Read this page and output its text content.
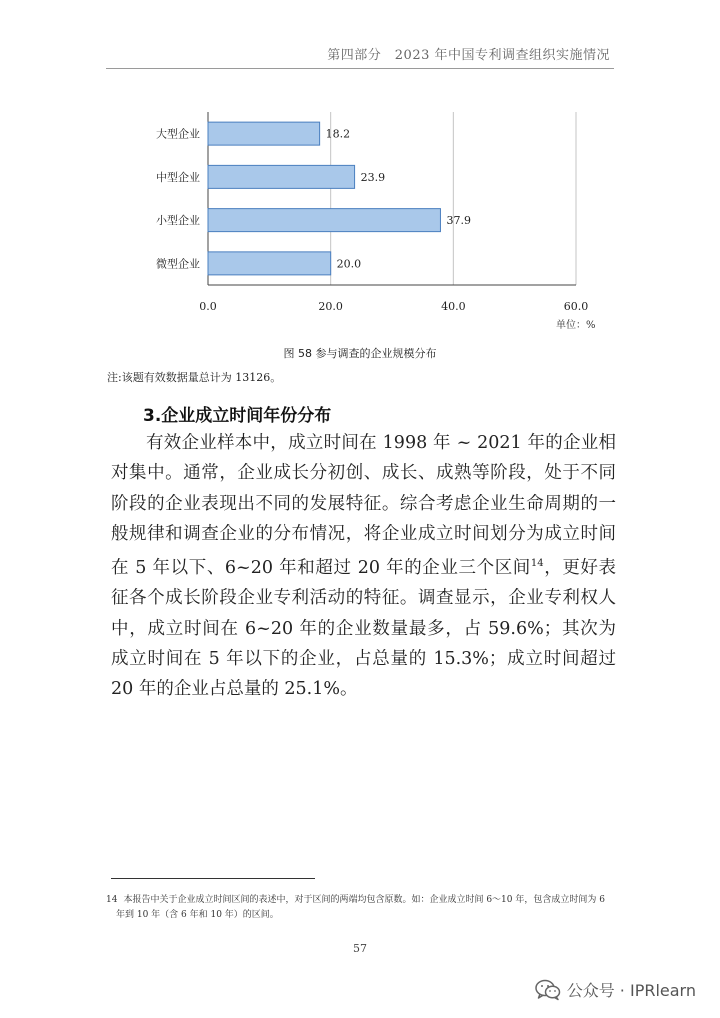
第四部分　2023 年中国专利调查组织实施情况
0.0	20.0	40.0	60.0
大型企业	18.2
中型企业	23.9
小型企业	37.9
微型企业	20.0
单位：%
图 58 参与调查的企业规模分布
注:该题有效数据量总计为 13126。
3.企业成立时间年份分布

有效企业样本中，成立时间在 1998 年 ~ 2021 年的企业相对集中。通常，企业成长分初创、成长、成熟等阶段，处于不同阶段的企业表现出不同的发展特征。综合考虑企业生命周期的一般规律和调查企业的分布情况，将企业成立时间划分为成立时间在 5 年以下、6~20 年和超过 20 年的企业三个区间$^{14}$，更好表征各个成长阶段企业专利活动的特征。调查显示，企业专利权人中，成立时间在 6~20 年的企业数量最多，占 59.6%；其次为成立时间在 5 年以下的企业，占总量的 15.3%；成立时间超过 20 年的企业占总量的 25.1%。

14 本报告中关于企业成立时间区间的表述中，对于区间的两端均包含原数。如：企业成立时间 6～10 年，包含成立时间为 6
年到 10 年（含 6 年和 10 年）的区间。
57
公众号 · IPRlearn
